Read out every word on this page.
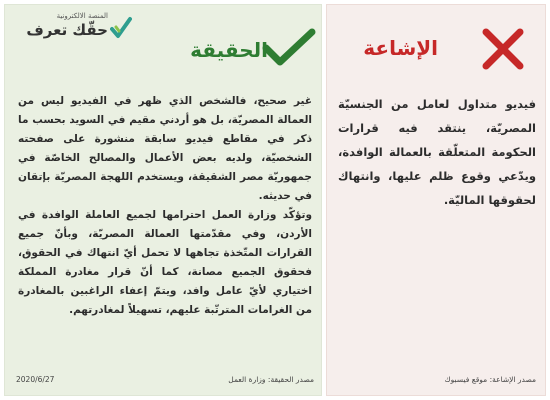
المنصة الالكترونية
حقّك تعرف
الحقيقة

غير صحيح، فالشخص الذي ظهر في الفيديو ليس من العمالة المصريّة، بل هو أردني مقيم في السويد بحسب ما ذكر في مقاطع فيديو سابقة منشورة على صفحته الشخصيّة، ولديه بعض الأعمال والمصالح الخاصّة في جمهوريّة مصر الشقيقة، ويستخدم اللهجة المصريّة بإتقان في حديثه.

وتؤكّد وزارة العمل احترامها لجميع العاملة الوافدة في الأردن، وفي مقدّمتها العمالة المصريّة، وبأنّ جميع القرارات المتّخذة تجاهها لا تحمل أيّ انتهاك في الحقوق، فحقوق الجميع مصانة، كما أنّ قرار مغادرة المملكة اختياري لأيّ عامل وافد، ويتمّ إعفاء الراغبين بالمغادرة من الغرامات المترتّبة عليهم، تسهيلاً لمغادرتهم.

مصدر الحقيقة: وزارة العمل
2020/6/27
الإشاعة
فيديو متداول لعامل من الجنسيّة المصريّة، ينتقد فيه قرارات الحكومة المتعلّقة بالعمالة الوافدة، ويدّعي وقوع ظلم عليها، وانتهاك لحقوقها الماليّة.
مصدر الإشاعة: موقع فيسبوك
